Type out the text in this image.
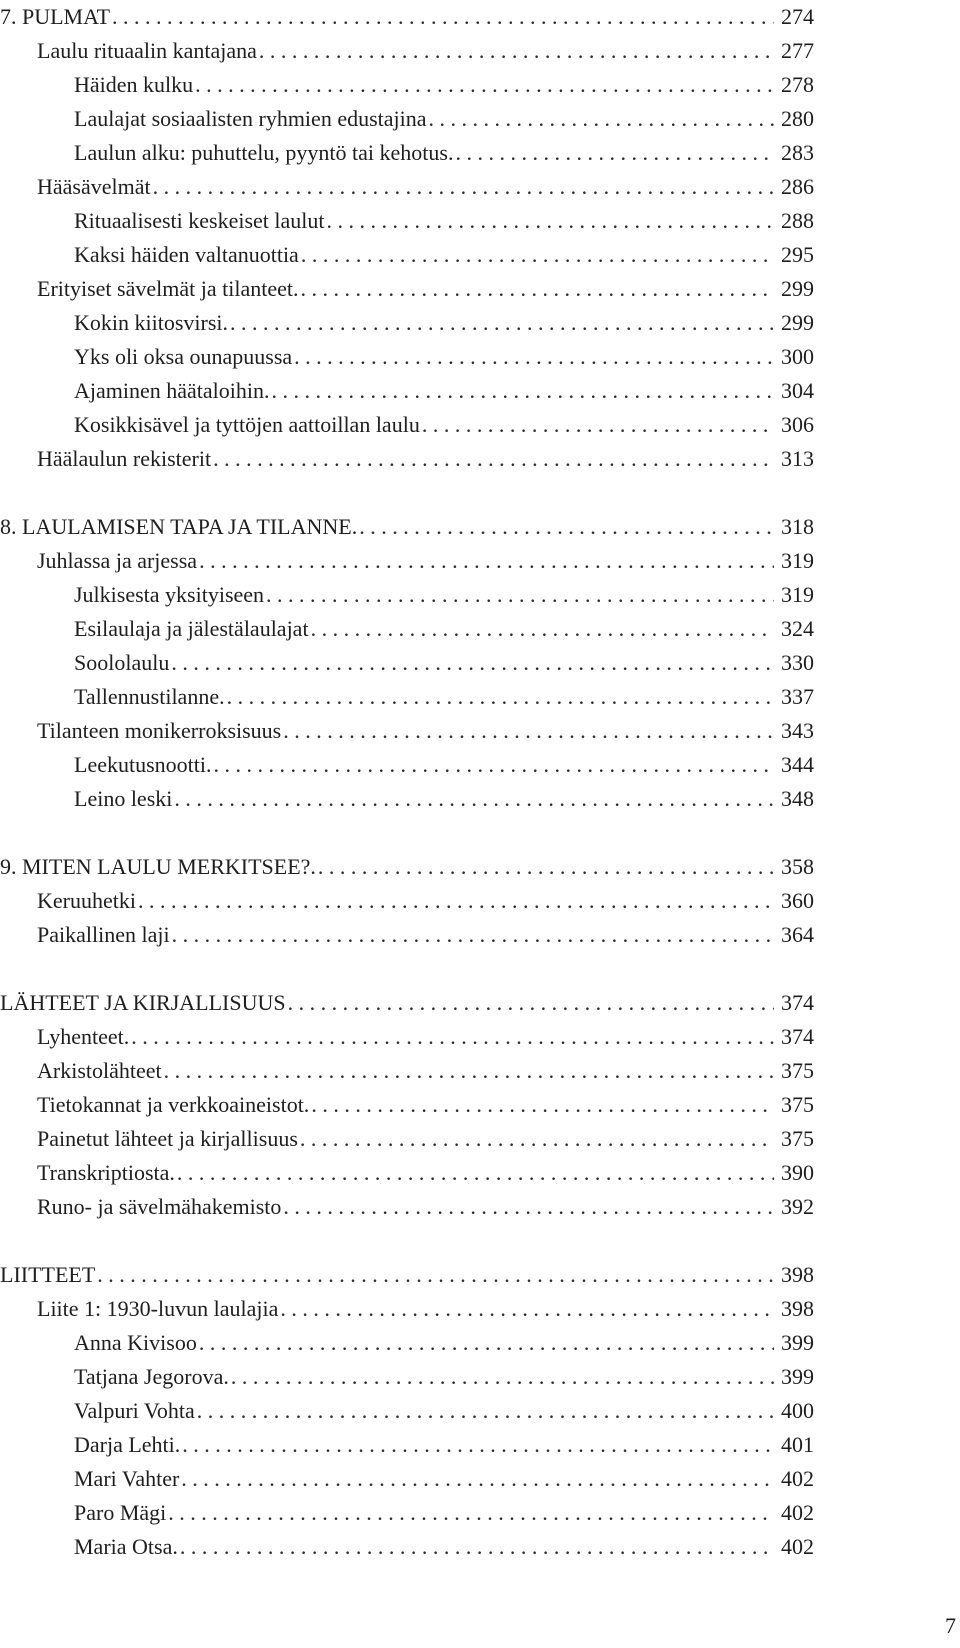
7. PULMAT . . .	274
Laulu rituaalin kantajana . . .	277
Häiden kulku . . .	278
Laulajat sosiaalisten ryhmien edustajina . . .	280
Laulun alku: puhuttelu, pyyntö tai kehotus. . . .	283
Hääsävelmät . . .	286
Rituaalisesti keskeiset laulut . . .	288
Kaksi häiden valtanuottia . . .	295
Erityiset sävelmät ja tilanteet. . . .	299
Kokin kiitosvirsi. . . .	299
Yks oli oksa ounapuussa . . .	300
Ajaminen häätaloihin. . . .	304
Kosikkisävel ja tyttöjen aattoillan laulu . . .	306
Häälaulun rekisterit . . .	313
8. LAULAMISEN TAPA JA TILANNE. . . .	318
Juhlassa ja arjessa . . .	319
Julkisesta yksityiseen . . .	319
Esilaulaja ja jälestälaulajat . . .	324
Soololaulu . . .	330
Tallennustilanne. . . .	337
Tilanteen monikerroksisuus . . .	343
Leekutusnootti. . . .	344
Leino leski . . .	348
9. MITEN LAULU MERKITSEE?. . . .	358
Keruuhetki . . .	360
Paikallinen laji . . .	364
LÄHTEET JA KIRJALLISUUS . . .	374
Lyhenteet. . . .	374
Arkistolähteet . . .	375
Tietokannat ja verkkoaineistot. . . .	375
Painetut lähteet ja kirjallisuus . . .	375
Transkriptiosta. . . .	390
Runo- ja sävelmähakemisto . . .	392
LIITTEET . . .	398
Liite 1: 1930-luvun laulajia . . .	398
Anna Kivisoo . . .	399
Tatjana Jegorova. . . .	399
Valpuri Vohta . . .	400
Darja Lehti. . . .	401
Mari Vahter . . .	402
Paro Mägi . . .	402
Maria Otsa. . . .	402
7
